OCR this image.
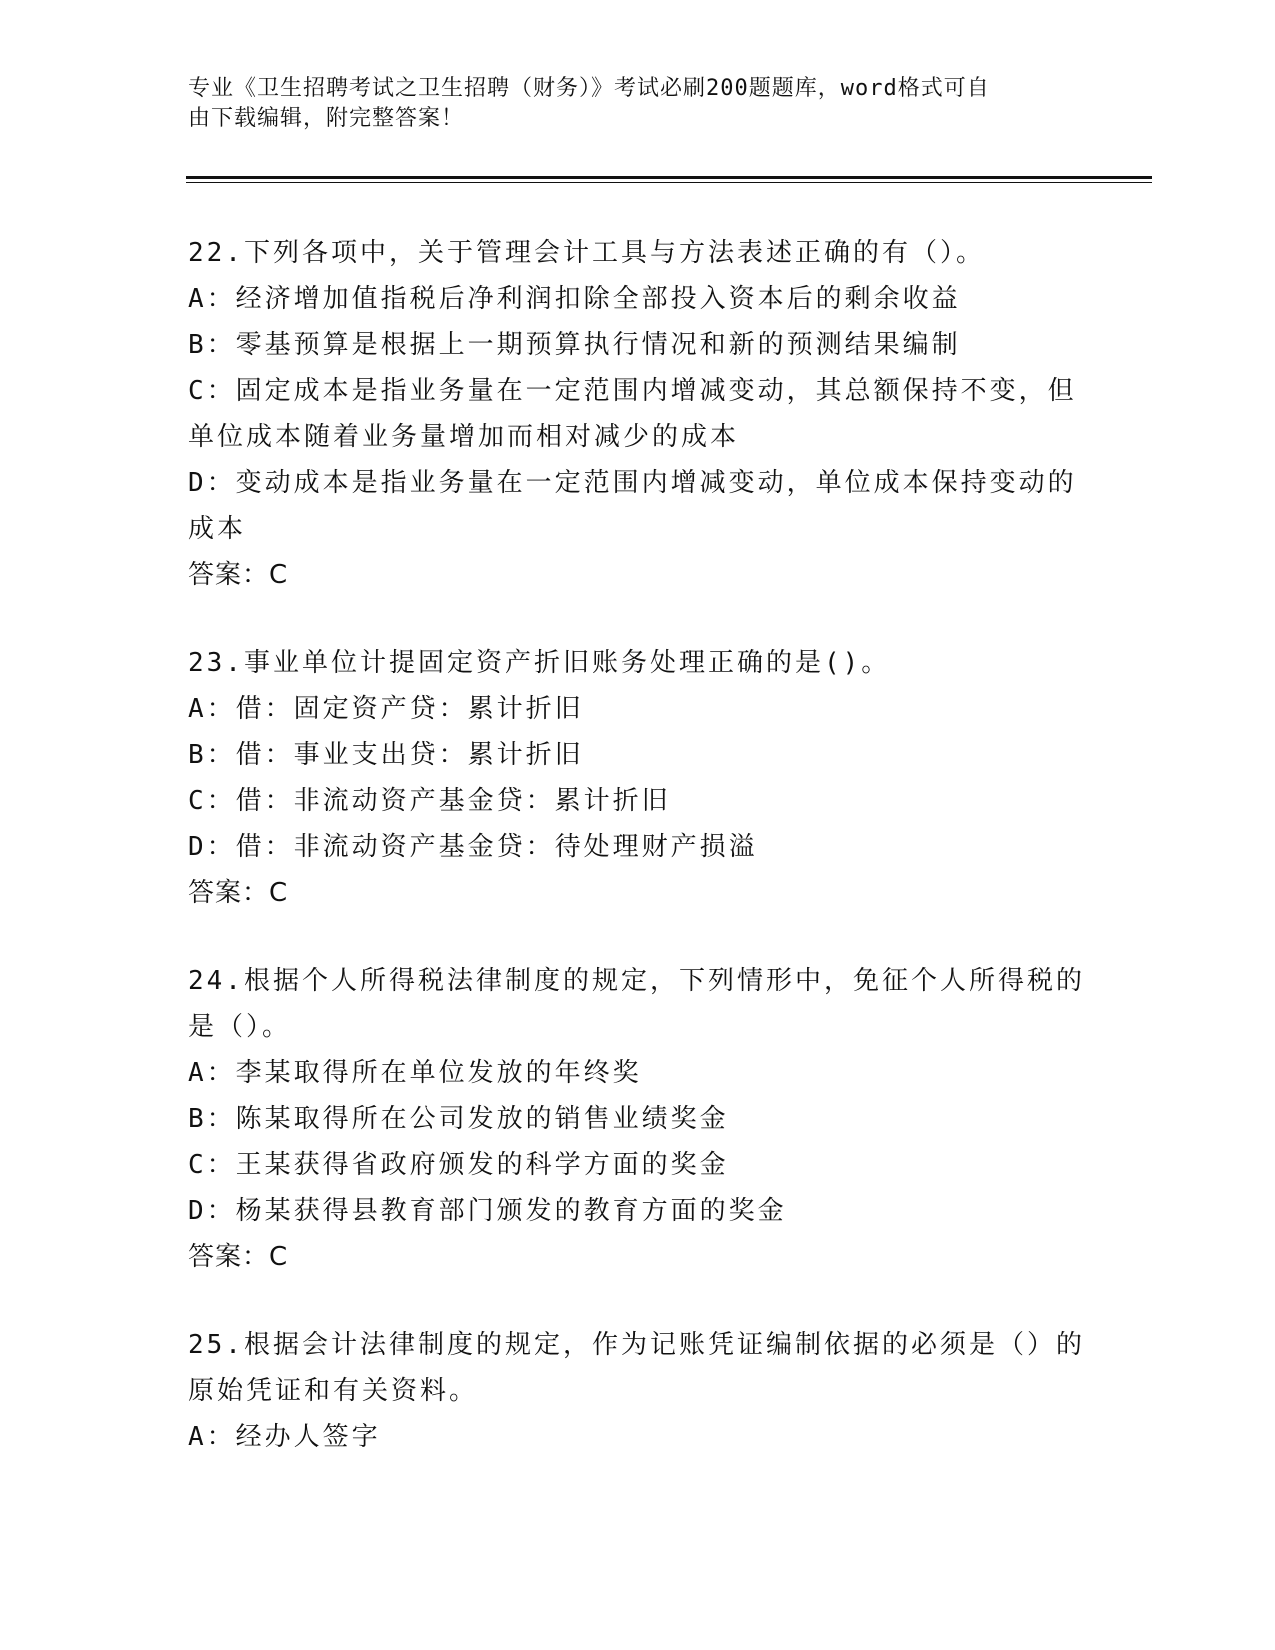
专业《卫生招聘考试之卫生招聘（财务）》考试必刷200题题库，word格式可自
由下载编辑，附完整答案！
22.下列各项中，关于管理会计工具与方法表述正确的有（）。
A：经济增加值指税后净利润扣除全部投入资本后的剩余收益
B：零基预算是根据上一期预算执行情况和新的预测结果编制
C：固定成本是指业务量在一定范围内增减变动，其总额保持不变，但
单位成本随着业务量增加而相对减少的成本
D：变动成本是指业务量在一定范围内增减变动，单位成本保持变动的
成本
答案：C
23.事业单位计提固定资产折旧账务处理正确的是()。
A：借：固定资产贷：累计折旧
B：借：事业支出贷：累计折旧
C：借：非流动资产基金贷：累计折旧
D：借：非流动资产基金贷：待处理财产损溢
答案：C
24.根据个人所得税法律制度的规定，下列情形中，免征个人所得税的
是（）。
A：李某取得所在单位发放的年终奖
B：陈某取得所在公司发放的销售业绩奖金
C：王某获得省政府颁发的科学方面的奖金
D：杨某获得县教育部门颁发的教育方面的奖金
答案：C
25.根据会计法律制度的规定，作为记账凭证编制依据的必须是（）的
原始凭证和有关资料。
A：经办人签字
